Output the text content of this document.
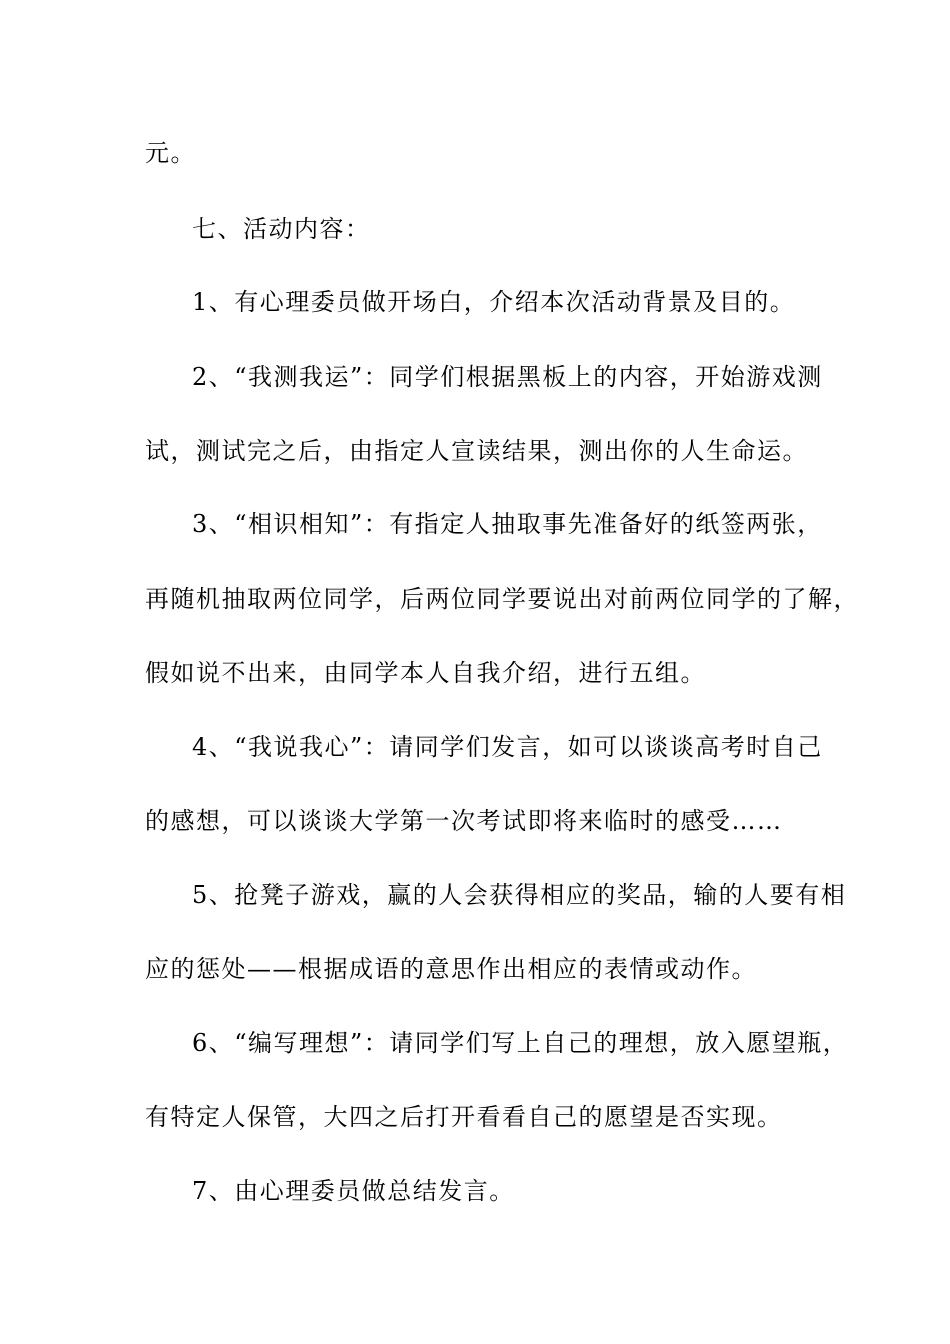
元。
七、活动内容：
1、有心理委员做开场白，介绍本次活动背景及目的。
2、“我测我运”：同学们根据黑板上的内容，开始游戏测
试，测试完之后，由指定人宣读结果，测出你的人生命运。
3、“相识相知”：有指定人抽取事先准备好的纸签两张，
再随机抽取两位同学，后两位同学要说出对前两位同学的了解，
假如说不出来，由同学本人自我介绍，进行五组。
4、“我说我心”：请同学们发言，如可以谈谈高考时自己
的感想，可以谈谈大学第一次考试即将来临时的感受……
5、抢凳子游戏，赢的人会获得相应的奖品，输的人要有相
应的惩处——根据成语的意思作出相应的表情或动作。
6、“编写理想”：请同学们写上自己的理想，放入愿望瓶，
有特定人保管，大四之后打开看看自己的愿望是否实现。
7、由心理委员做总结发言。
